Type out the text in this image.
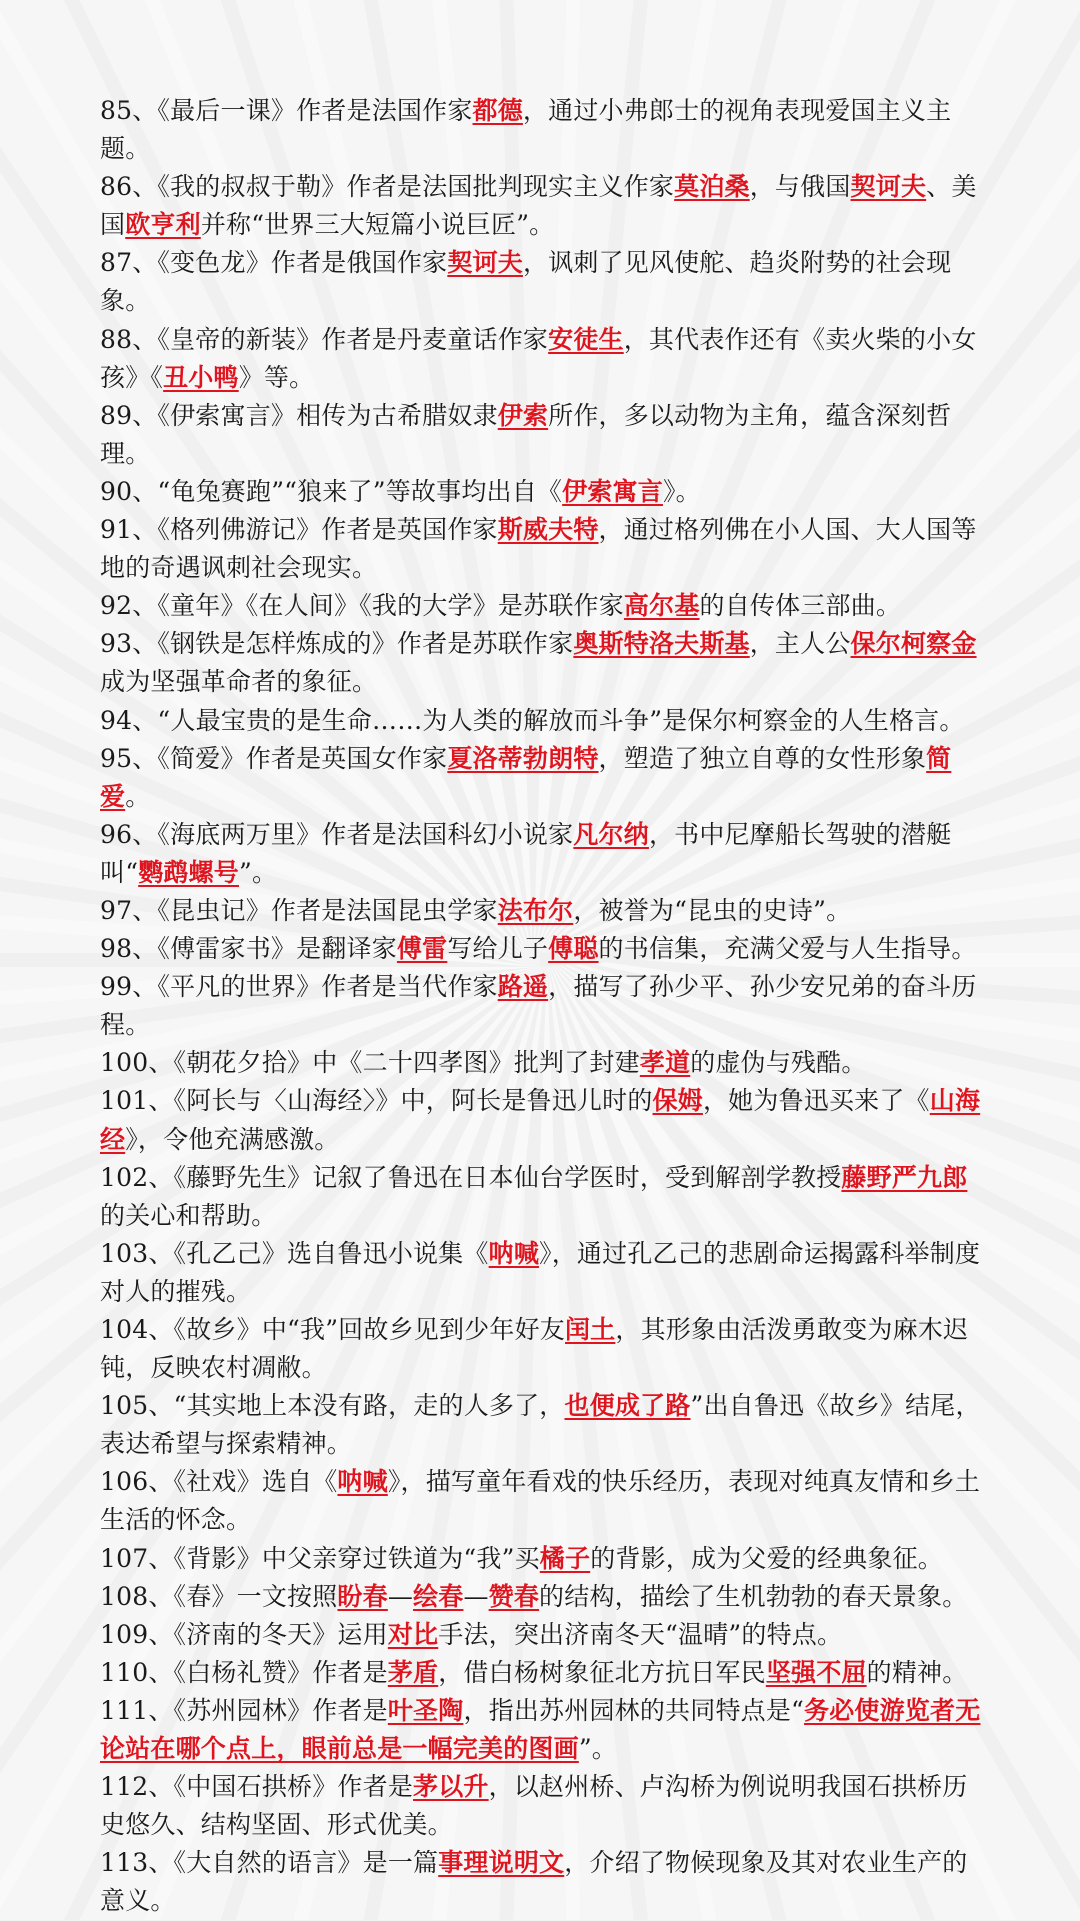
85、《最后一课》作者是法国作家都德，通过小弗郎士的视角表现爱国主义主题。

86、《我的叔叔于勒》作者是法国批判现实主义作家莫泊桑，与俄国契诃夫、美国欧亨利并称“世界三大短篇小说巨匠”。

87、《变色龙》作者是俄国作家契诃夫，讽刺了见风使舵、趋炎附势的社会现象。

88、《皇帝的新装》作者是丹麦童话作家安徒生，其代表作还有《卖火柴的小女孩》《丑小鸭》等。

89、《伊索寓言》相传为古希腊奴隶伊索所作，多以动物为主角，蕴含深刻哲理。

90、“龟兔赛跑”“狼来了”等故事均出自《伊索寓言》。

91、《格列佛游记》作者是英国作家斯威夫特，通过格列佛在小人国、大人国等地的奇遇讽刺社会现实。

92、《童年》《在人间》《我的大学》是苏联作家高尔基的自传体三部曲。

93、《钢铁是怎样炼成的》作者是苏联作家奥斯特洛夫斯基，主人公保尔柯察金成为坚强革命者的象征。

94、“人最宝贵的是生命……为人类的解放而斗争”是保尔柯察金的人生格言。

95、《简爱》作者是英国女作家夏洛蒂勃朗特，塑造了独立自尊的女性形象简爱。

96、《海底两万里》作者是法国科幻小说家凡尔纳，书中尼摩船长驾驶的潜艇叫“鹦鹉螺号”。

97、《昆虫记》作者是法国昆虫学家法布尔，被誉为“昆虫的史诗”。

98、《傅雷家书》是翻译家傅雷写给儿子傅聪的书信集，充满父爱与人生指导。

99、《平凡的世界》作者是当代作家路遥，描写了孙少平、孙少安兄弟的奋斗历程。

100、《朝花夕拾》中《二十四孝图》批判了封建孝道的虚伪与残酷。

101、《阿长与〈山海经〉》中，阿长是鲁迅儿时的保姆，她为鲁迅买来了《山海经》，令他充满感激。

102、《藤野先生》记叙了鲁迅在日本仙台学医时，受到解剖学教授藤野严九郎的关心和帮助。

103、《孔乙己》选自鲁迅小说集《呐喊》，通过孔乙己的悲剧命运揭露科举制度对人的摧残。

104、《故乡》中“我”回故乡见到少年好友闰土，其形象由活泼勇敢变为麻木迟钝，反映农村凋敝。

105、“其实地上本没有路，走的人多了，也便成了路”出自鲁迅《故乡》结尾，表达希望与探索精神。

106、《社戏》选自《呐喊》，描写童年看戏的快乐经历，表现对纯真友情和乡土生活的怀念。

107、《背影》中父亲穿过铁道为“我”买橘子的背影，成为父爱的经典象征。

108、《春》一文按照盼春—绘春—赞春的结构，描绘了生机勃勃的春天景象。

109、《济南的冬天》运用对比手法，突出济南冬天“温晴”的特点。

110、《白杨礼赞》作者是茅盾，借白杨树象征北方抗日军民坚强不屈的精神。

111、《苏州园林》作者是叶圣陶，指出苏州园林的共同特点是“务必使游览者无论站在哪个点上，眼前总是一幅完美的图画”。

112、《中国石拱桥》作者是茅以升，以赵州桥、卢沟桥为例说明我国石拱桥历史悠久、结构坚固、形式优美。

113、《大自然的语言》是一篇事理说明文，介绍了物候现象及其对农业生产的意义。
